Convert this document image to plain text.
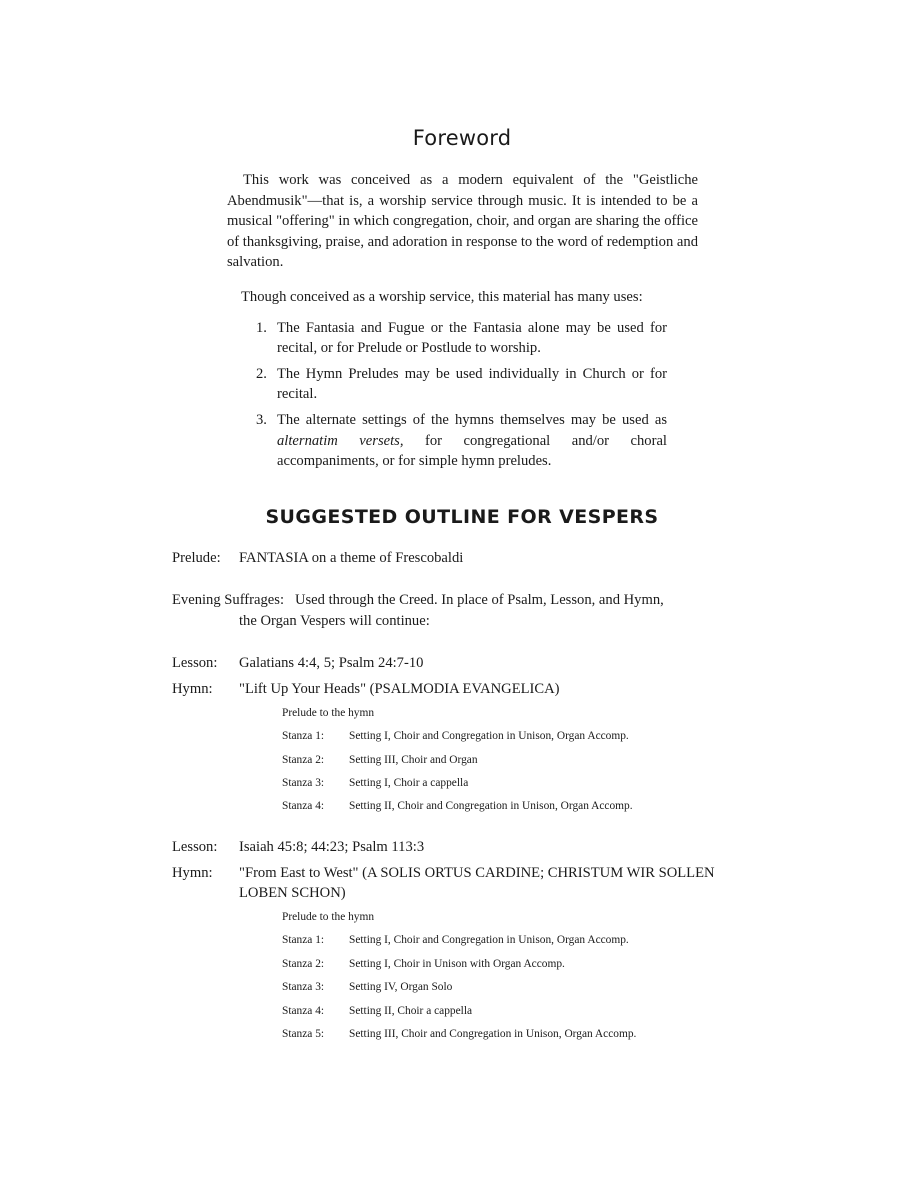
Foreword

This work was conceived as a modern equivalent of the "Geistliche Abendmusik"—that is, a worship service through music. It is intended to be a musical "offering" in which congregation, choir, and organ are sharing the office of thanksgiving, praise, and adoration in response to the word of redemption and salvation.

Though conceived as a worship service, this material has many uses:

1. The Fantasia and Fugue or the Fantasia alone may be used for recital, or for Prelude or Postlude to worship.
2. The Hymn Preludes may be used individually in Church or for recital.
3. The alternate settings of the hymns themselves may be used as alternatim versets, for congregational and/or choral accompaniments, or for simple hymn preludes.
SUGGESTED OUTLINE FOR VESPERS
Prelude: FANTASIA on a theme of Frescobaldi
Evening Suffrages: Used through the Creed. In place of Psalm, Lesson, and Hymn,
the Organ Vespers will continue:
Lesson: Galatians 4:4, 5; Psalm 24:7-10
Hymn: "Lift Up Your Heads" (PSALMODIA EVANGELICA)
Prelude to the hymn
Stanza 1: Setting I, Choir and Congregation in Unison, Organ Accomp.
Stanza 2: Setting III, Choir and Organ
Stanza 3: Setting I, Choir a cappella
Stanza 4: Setting II, Choir and Congregation in Unison, Organ Accomp.
Lesson: Isaiah 45:8; 44:23; Psalm 113:3
Hymn: "From East to West" (A SOLIS ORTUS CARDINE; CHRISTUM WIR SOLLEN LOBEN SCHON)
Prelude to the hymn
Stanza 1: Setting I, Choir and Congregation in Unison, Organ Accomp.
Stanza 2: Setting I, Choir in Unison with Organ Accomp.
Stanza 3: Setting IV, Organ Solo
Stanza 4: Setting II, Choir a cappella
Stanza 5: Setting III, Choir and Congregation in Unison, Organ Accomp.
